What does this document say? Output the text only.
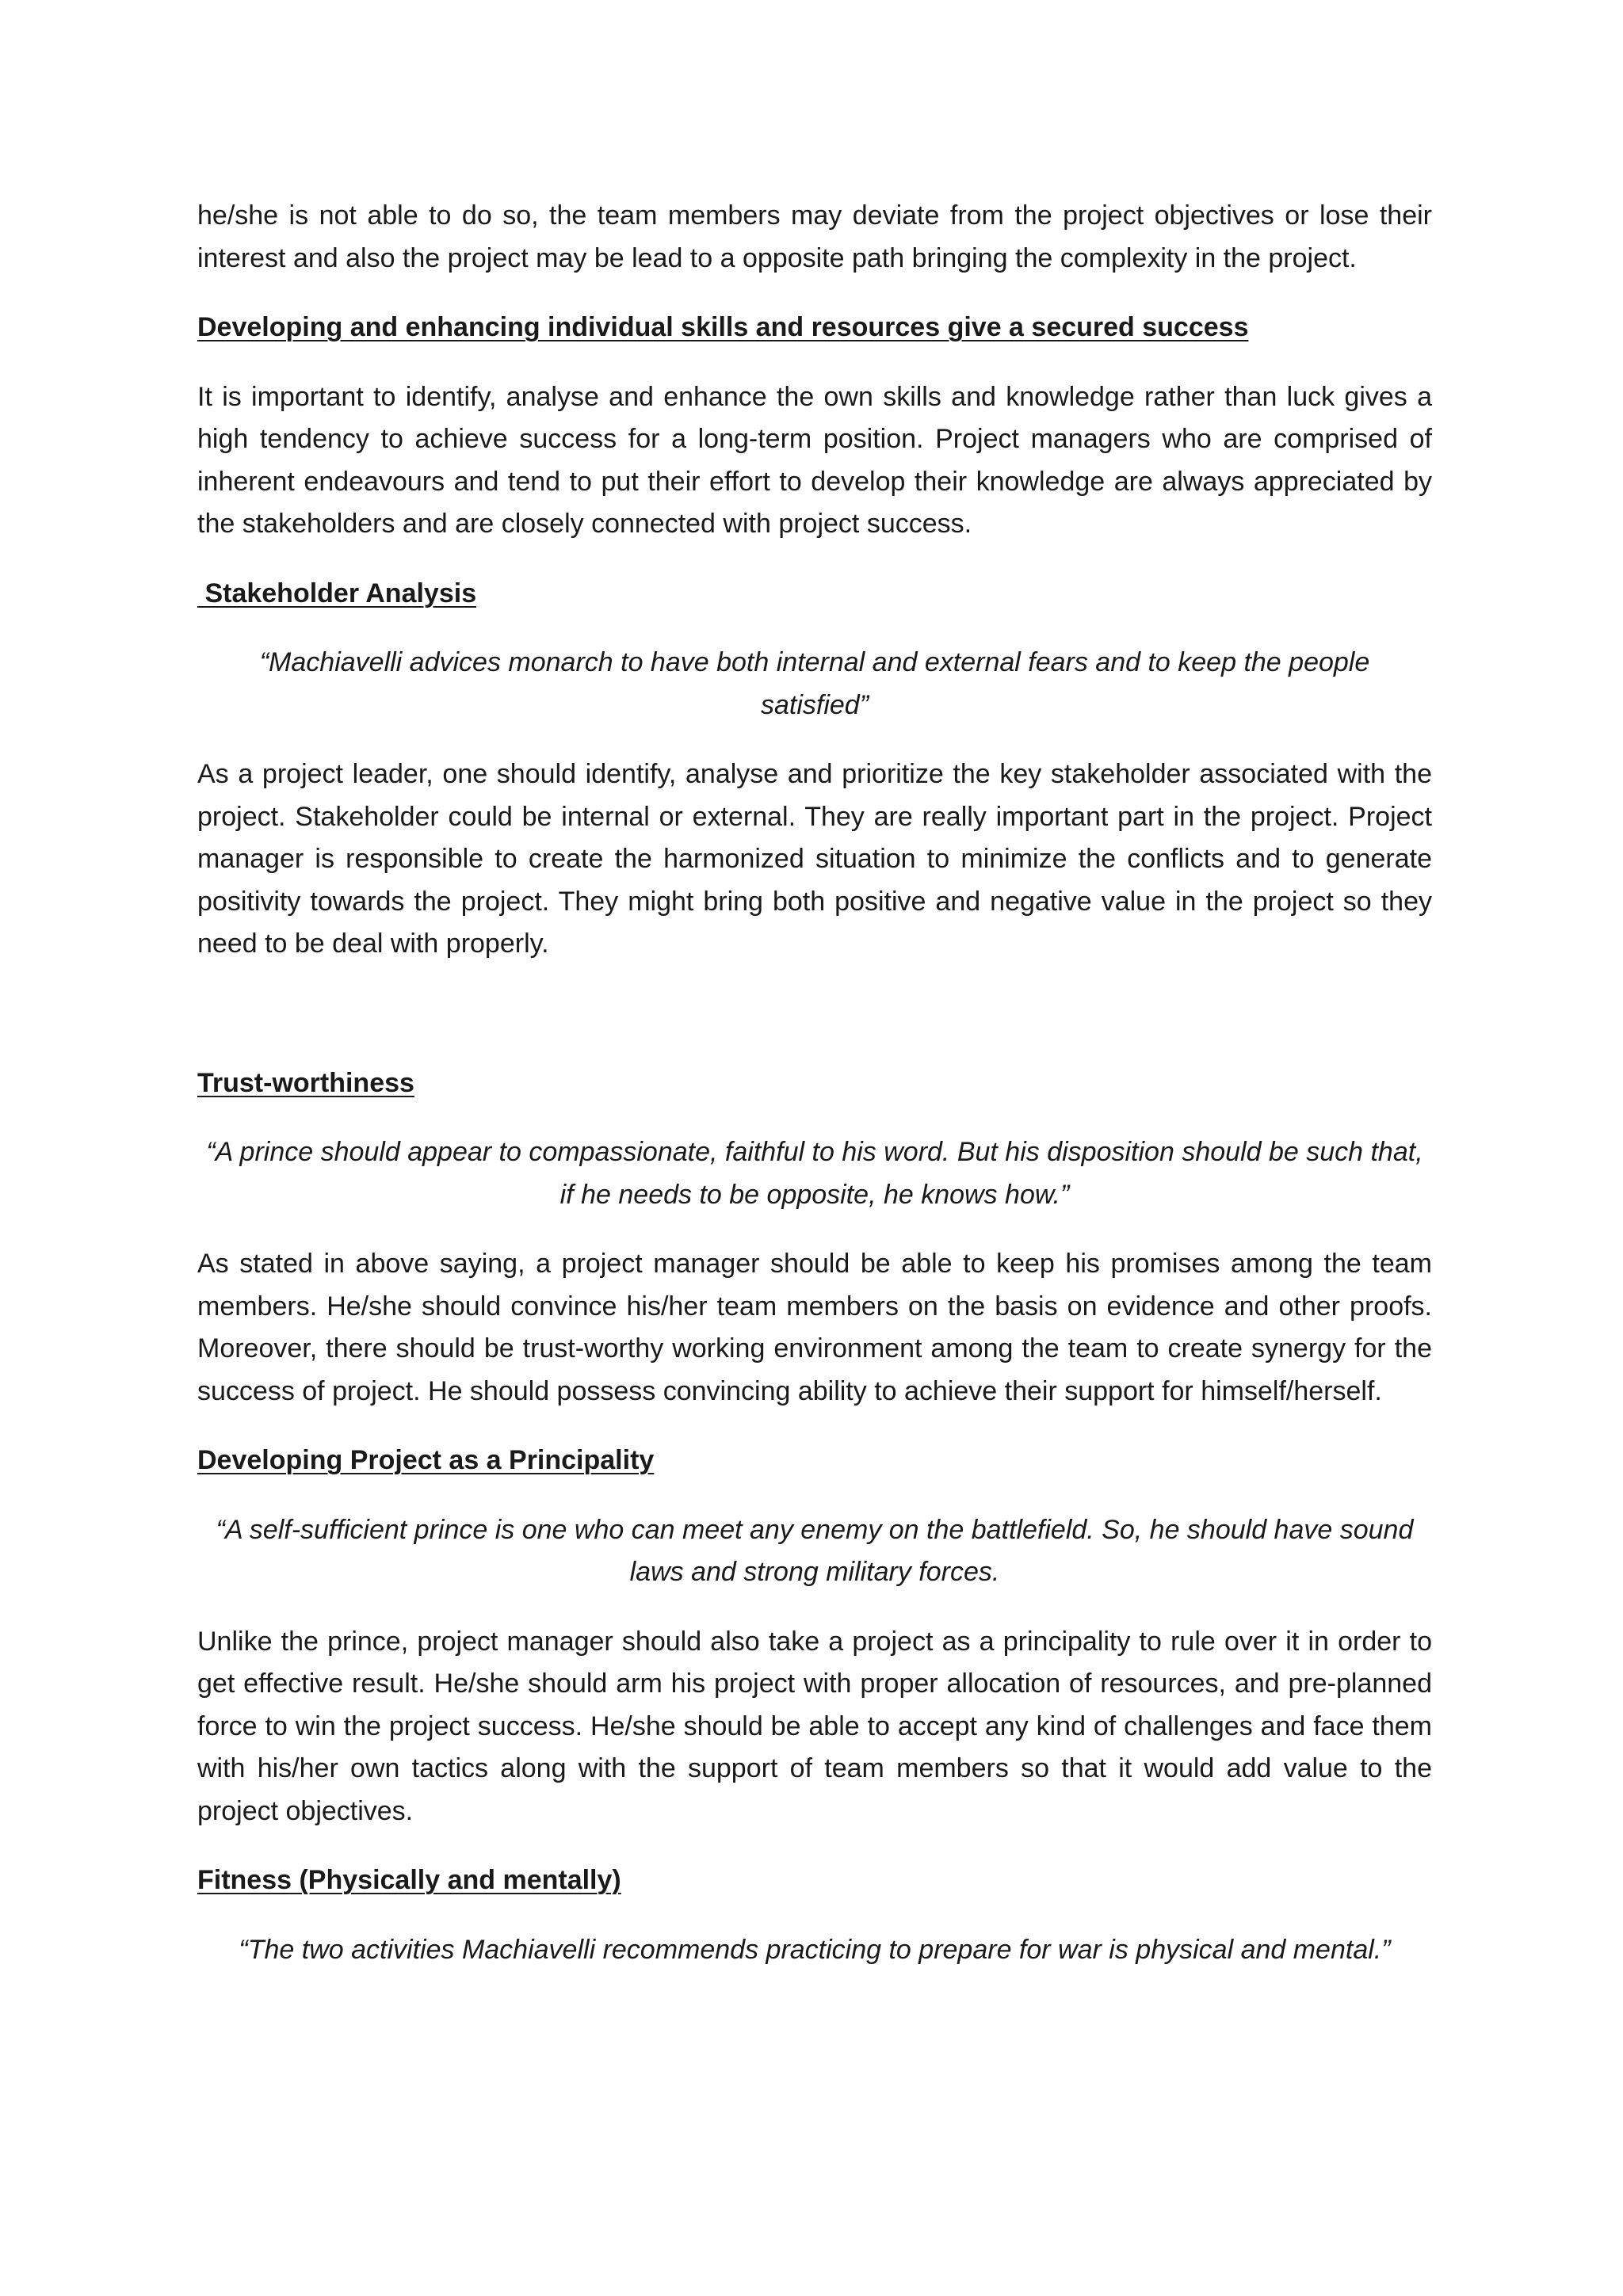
he/she is not able to do so, the team members may deviate from the project objectives or lose their interest and also the project may be lead to a opposite path bringing the complexity in the project.

Developing and enhancing individual skills and resources give a secured success

It is important to identify, analyse and enhance the own skills and knowledge rather than luck gives a high tendency to achieve success for a long-term position. Project managers who are comprised of inherent endeavours and tend to put their effort to develop their knowledge are always appreciated by the stakeholders and are closely connected with project success.

Stakeholder Analysis

“Machiavelli advices monarch to have both internal and external fears and to keep the people satisfied”

As a project leader, one should identify, analyse and prioritize the key stakeholder associated with the project. Stakeholder could be internal or external. They are really important part in the project. Project manager is responsible to create the harmonized situation to minimize the conflicts and to generate positivity towards the project. They might bring both positive and negative value in the project so they need to be deal with properly.

Trust-worthiness

“A prince should appear to compassionate, faithful to his word. But his disposition should be such that, if he needs to be opposite, he knows how.”

As stated in above saying, a project manager should be able to keep his promises among the team members. He/she should convince his/her team members on the basis on evidence and other proofs. Moreover, there should be trust-worthy working environment among the team to create synergy for the success of project. He should possess convincing ability to achieve their support for himself/herself.

Developing Project as a Principality

“A self-sufficient prince is one who can meet any enemy on the battlefield. So, he should have sound laws and strong military forces.

Unlike the prince, project manager should also take a project as a principality to rule over it in order to get effective result. He/she should arm his project with proper allocation of resources, and pre-planned force to win the project success. He/she should be able to accept any kind of challenges and face them with his/her own tactics along with the support of team members so that it would add value to the project objectives.

Fitness (Physically and mentally)

“The two activities Machiavelli recommends practicing to prepare for war is physical and mental.”
